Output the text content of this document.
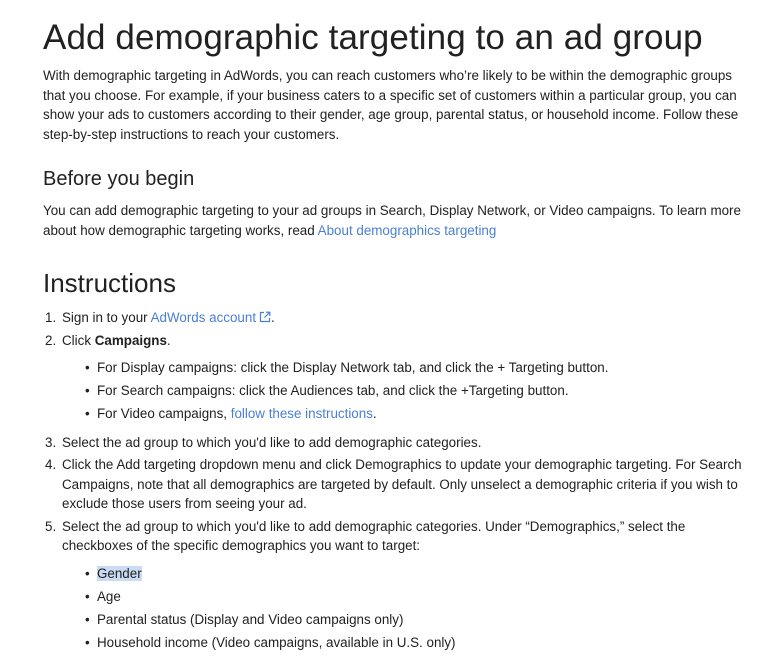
Add demographic targeting to an ad group

With demographic targeting in AdWords, you can reach customers who’re likely to be within the demographic groups that you choose. For example, if your business caters to a specific set of customers within a particular group, you can show your ads to customers according to their gender, age group, parental status, or household income. Follow these step-by-step instructions to reach your customers.

Before you begin

You can add demographic targeting to your ad groups in Search, Display Network, or Video campaigns. To learn more about how demographic targeting works, read About demographics targeting

Instructions
1. Sign in to your AdWords account .
2. Click Campaigns.
• For Display campaigns: click the Display Network tab, and click the + Targeting button.
• For Search campaigns: click the Audiences tab, and click the +Targeting button.
• For Video campaigns, follow these instructions.
3. Select the ad group to which you'd like to add demographic categories.
4. Click the Add targeting dropdown menu and click Demographics to update your demographic targeting. For Search Campaigns, note that all demographics are targeted by default. Only unselect a demographic criteria if you wish to exclude those users from seeing your ad.
5. Select the ad group to which you'd like to add demographic categories. Under “Demographics,” select the checkboxes of the specific demographics you want to target:
• Gender
• Age
• Parental status (Display and Video campaigns only)
• Household income (Video campaigns, available in U.S. only)
